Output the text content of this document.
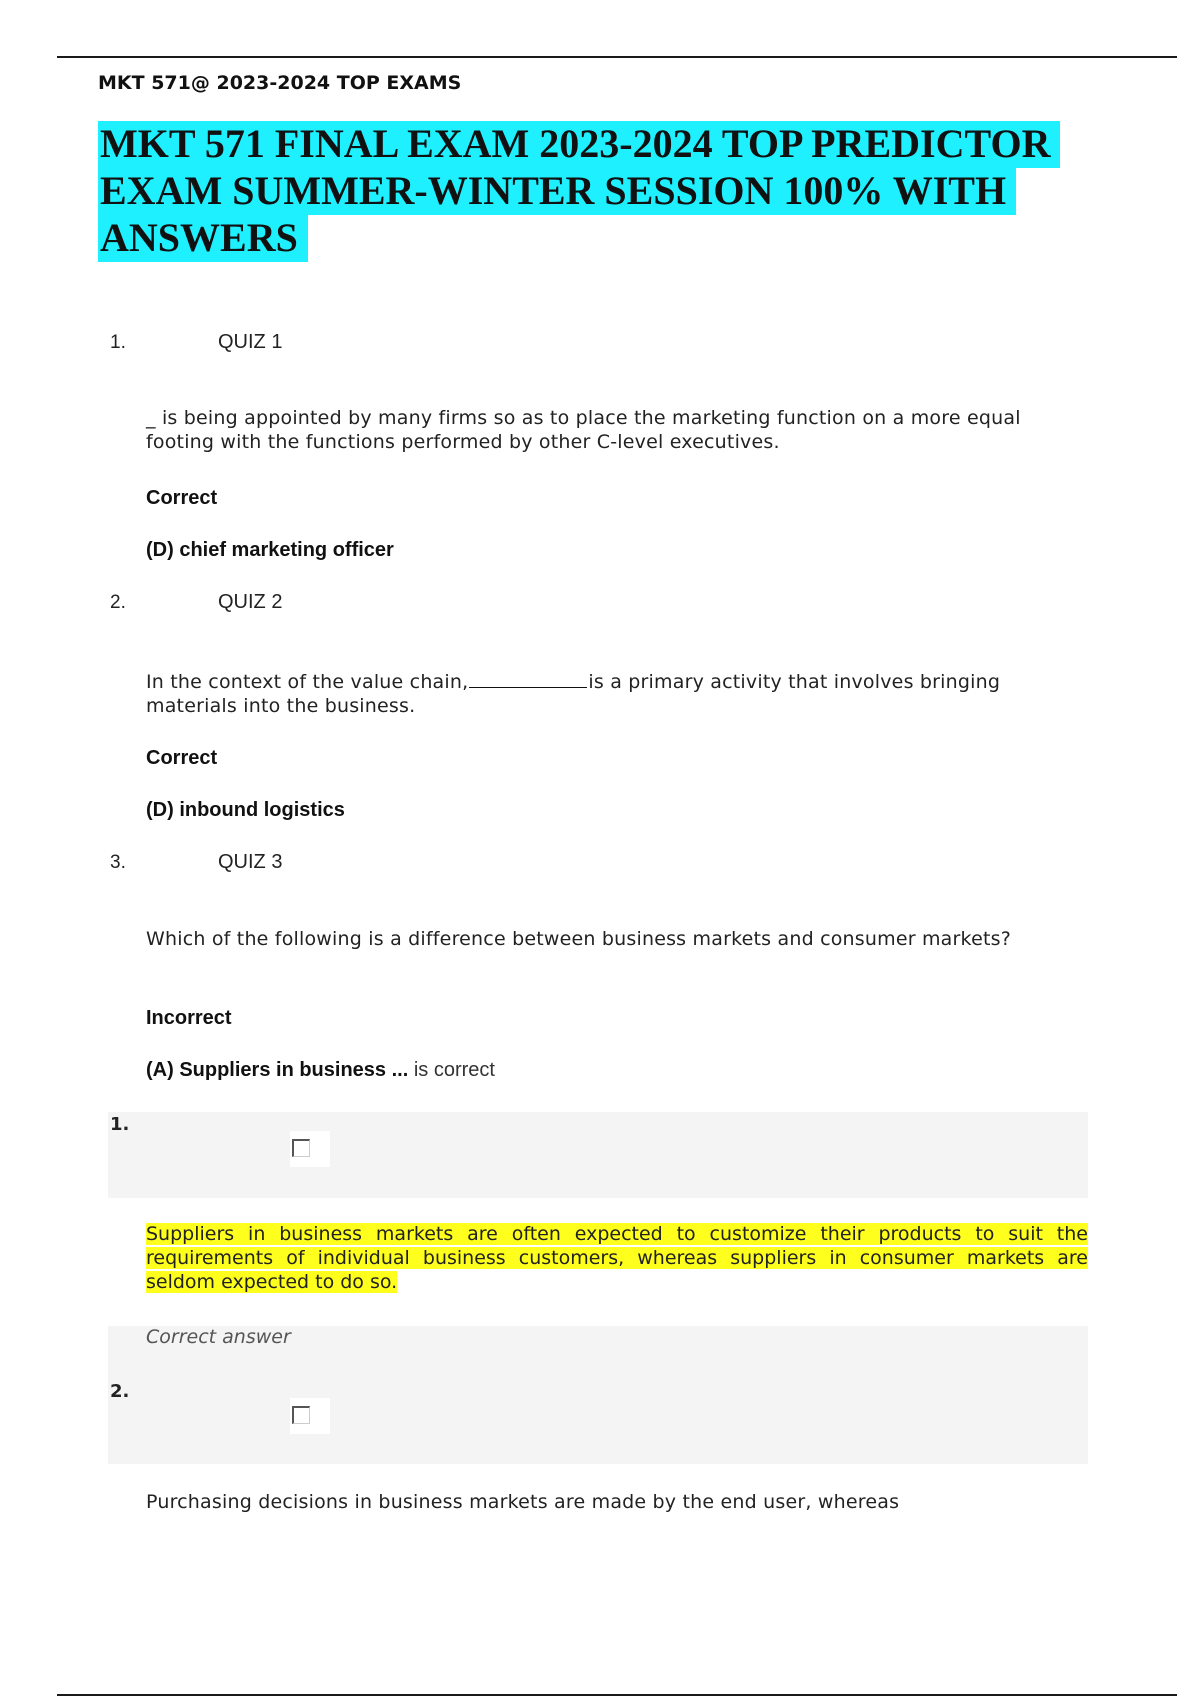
MKT 571@ 2023-2024 TOP EXAMS
MKT 571 FINAL EXAM 2023-2024 TOP PREDICTOR EXAM SUMMER-WINTER SESSION 100% WITH ANSWERS
1.	QUIZ 1
_ is being appointed by many firms so as to place the marketing function on a more equal footing with the functions performed by other C-level executives.
Correct
(D) chief marketing officer
2.	QUIZ 2
In the context of the value chain,	is a primary activity that involves bringing materials into the business.
Correct
(D) inbound logistics
3.	QUIZ 3
Which of the following is a difference between business markets and consumer markets?
Incorrect
(A) Suppliers in business ... is correct
1.
Suppliers in business markets are often expected to customize their products to suit the requirements of individual business customers, whereas suppliers in consumer markets are seldom expected to do so.
Correct answer
2.
Purchasing decisions in business markets are made by the end user, whereas
